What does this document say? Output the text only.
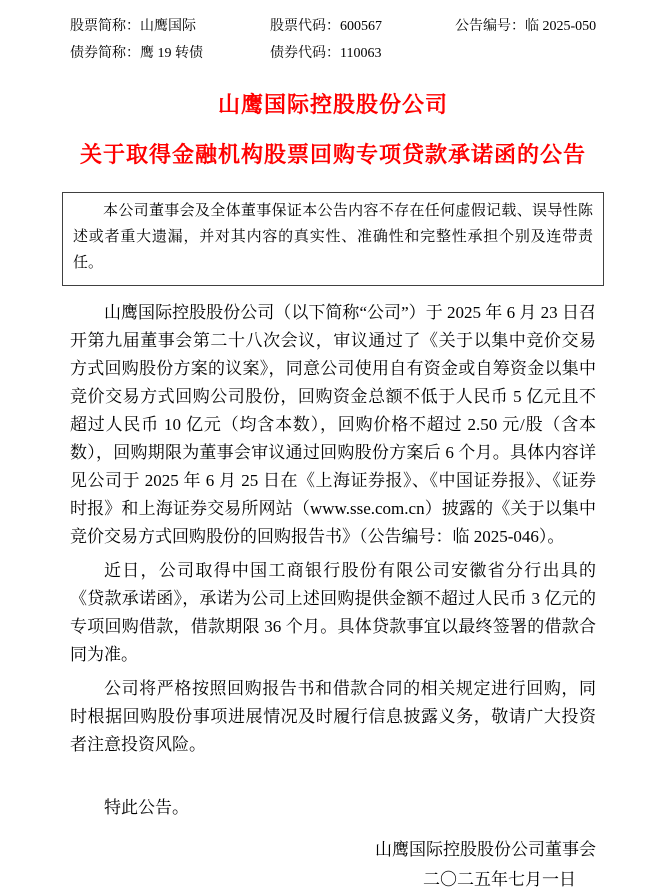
股票简称：山鹰国际	股票代码：600567	公告编号：临 2025-050
债券简称：鹰 19 转债	债券代码：110063
山鹰国际控股股份公司
关于取得金融机构股票回购专项贷款承诺函的公告
本公司董事会及全体董事保证本公告内容不存在任何虚假记载、误导性陈述或者重大遗漏，并对其内容的真实性、准确性和完整性承担个别及连带责任。

山鹰国际控股股份公司（以下简称“公司”）于 2025 年 6 月 23 日召开第九届董事会第二十八次会议，审议通过了《关于以集中竞价交易方式回购股份方案的议案》，同意公司使用自有资金或自筹资金以集中竞价交易方式回购公司股份，回购资金总额不低于人民币 5 亿元且不超过人民币 10 亿元（均含本数），回购价格不超过 2.50 元/股（含本数），回购期限为董事会审议通过回购股份方案后 6 个月。具体内容详见公司于 2025 年 6 月 25 日在《上海证券报》、《中国证券报》、《证券时报》和上海证券交易所网站（www.sse.com.cn）披露的《关于以集中竞价交易方式回购股份的回购报告书》（公告编号：临 2025-046）。

近日，公司取得中国工商银行股份有限公司安徽省分行出具的《贷款承诺函》，承诺为公司上述回购提供金额不超过人民币 3 亿元的专项回购借款，借款期限 36 个月。具体贷款事宜以最终签署的借款合同为准。

公司将严格按照回购报告书和借款合同的相关规定进行回购，同时根据回购股份事项进展情况及时履行信息披露义务，敬请广大投资者注意投资风险。

特此公告。

山鹰国际控股股份公司董事会
二〇二五年七月一日
